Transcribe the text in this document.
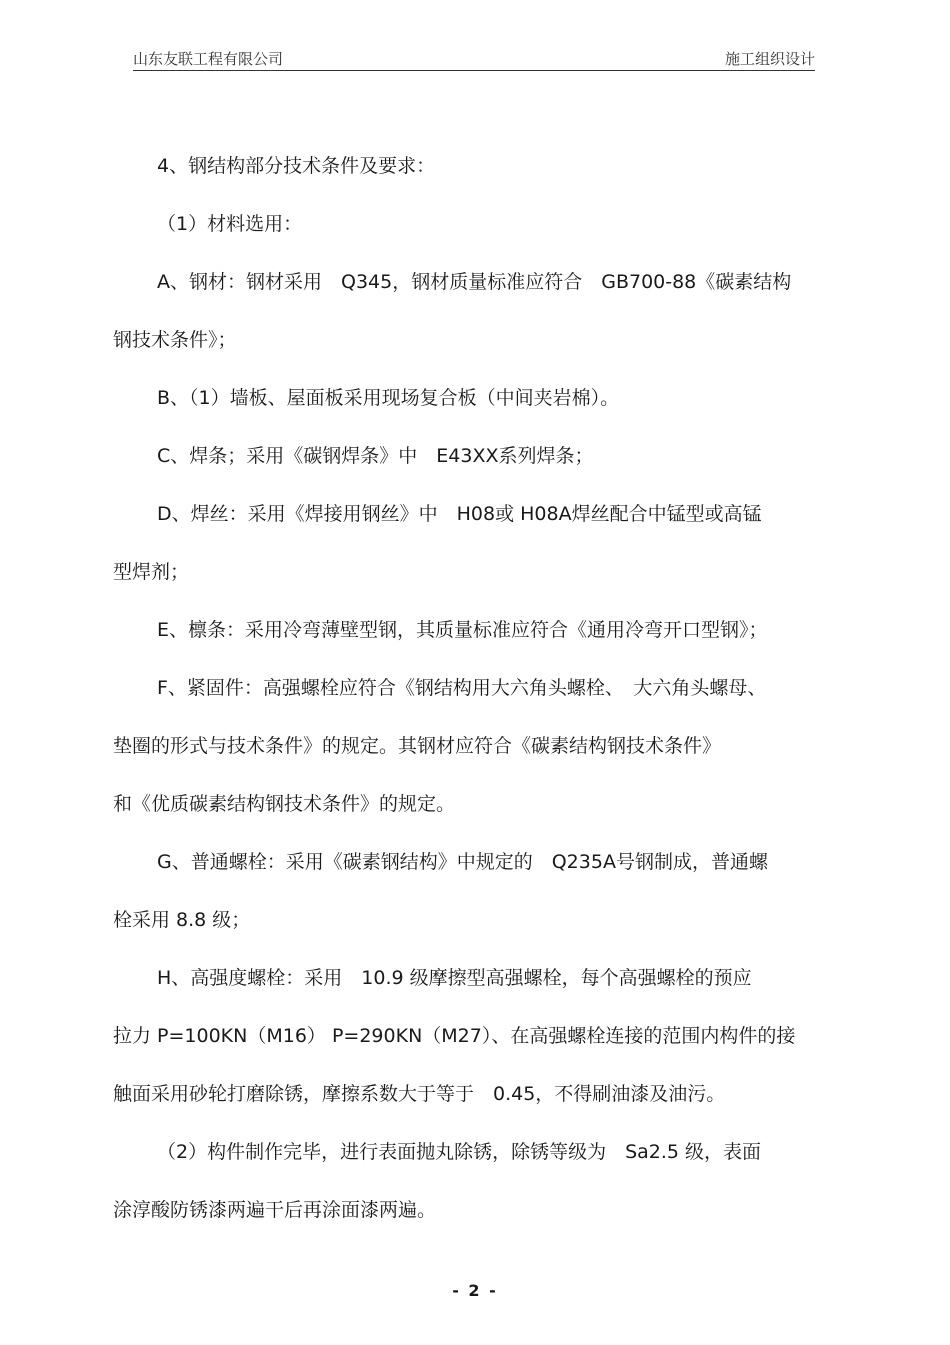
山东友联工程有限公司	施工组织设计
4、钢结构部分技术条件及要求：
（1）材料选用：
A、钢材：钢材采用　Q345，钢材质量标准应符合　GB700-88《碳素结构
钢技术条件》；
B、（1）墙板、屋面板采用现场复合板（中间夹岩棉）。
C、焊条；采用《碳钢焊条》中　E43XX系列焊条；
D、焊丝：采用《焊接用钢丝》中　H08或 H08A焊丝配合中锰型或高锰
型焊剂；
E、檩条：采用冷弯薄壁型钢，其质量标准应符合《通用冷弯开口型钢》；
F、紧固件：高强螺栓应符合《钢结构用大六角头螺栓、　大六角头螺母、
垫圈的形式与技术条件》的规定。其钢材应符合《碳素结构钢技术条件》
和《优质碳素结构钢技术条件》的规定。
G、普通螺栓：采用《碳素钢结构》中规定的　Q235A号钢制成，普通螺
栓采用 8.8 级；
H、高强度螺栓：采用　10.9 级摩擦型高强螺栓，每个高强螺栓的预应
拉力 P=100KN（M16） P=290KN（M27）、在高强螺栓连接的范围内构件的接
触面采用砂轮打磨除锈，摩擦系数大于等于　0.45，不得刷油漆及油污。
（2）构件制作完毕，进行表面抛丸除锈，除锈等级为　Sa2.5 级，表面
涂淳酸防锈漆两遍干后再涂面漆两遍。
- 2 -
